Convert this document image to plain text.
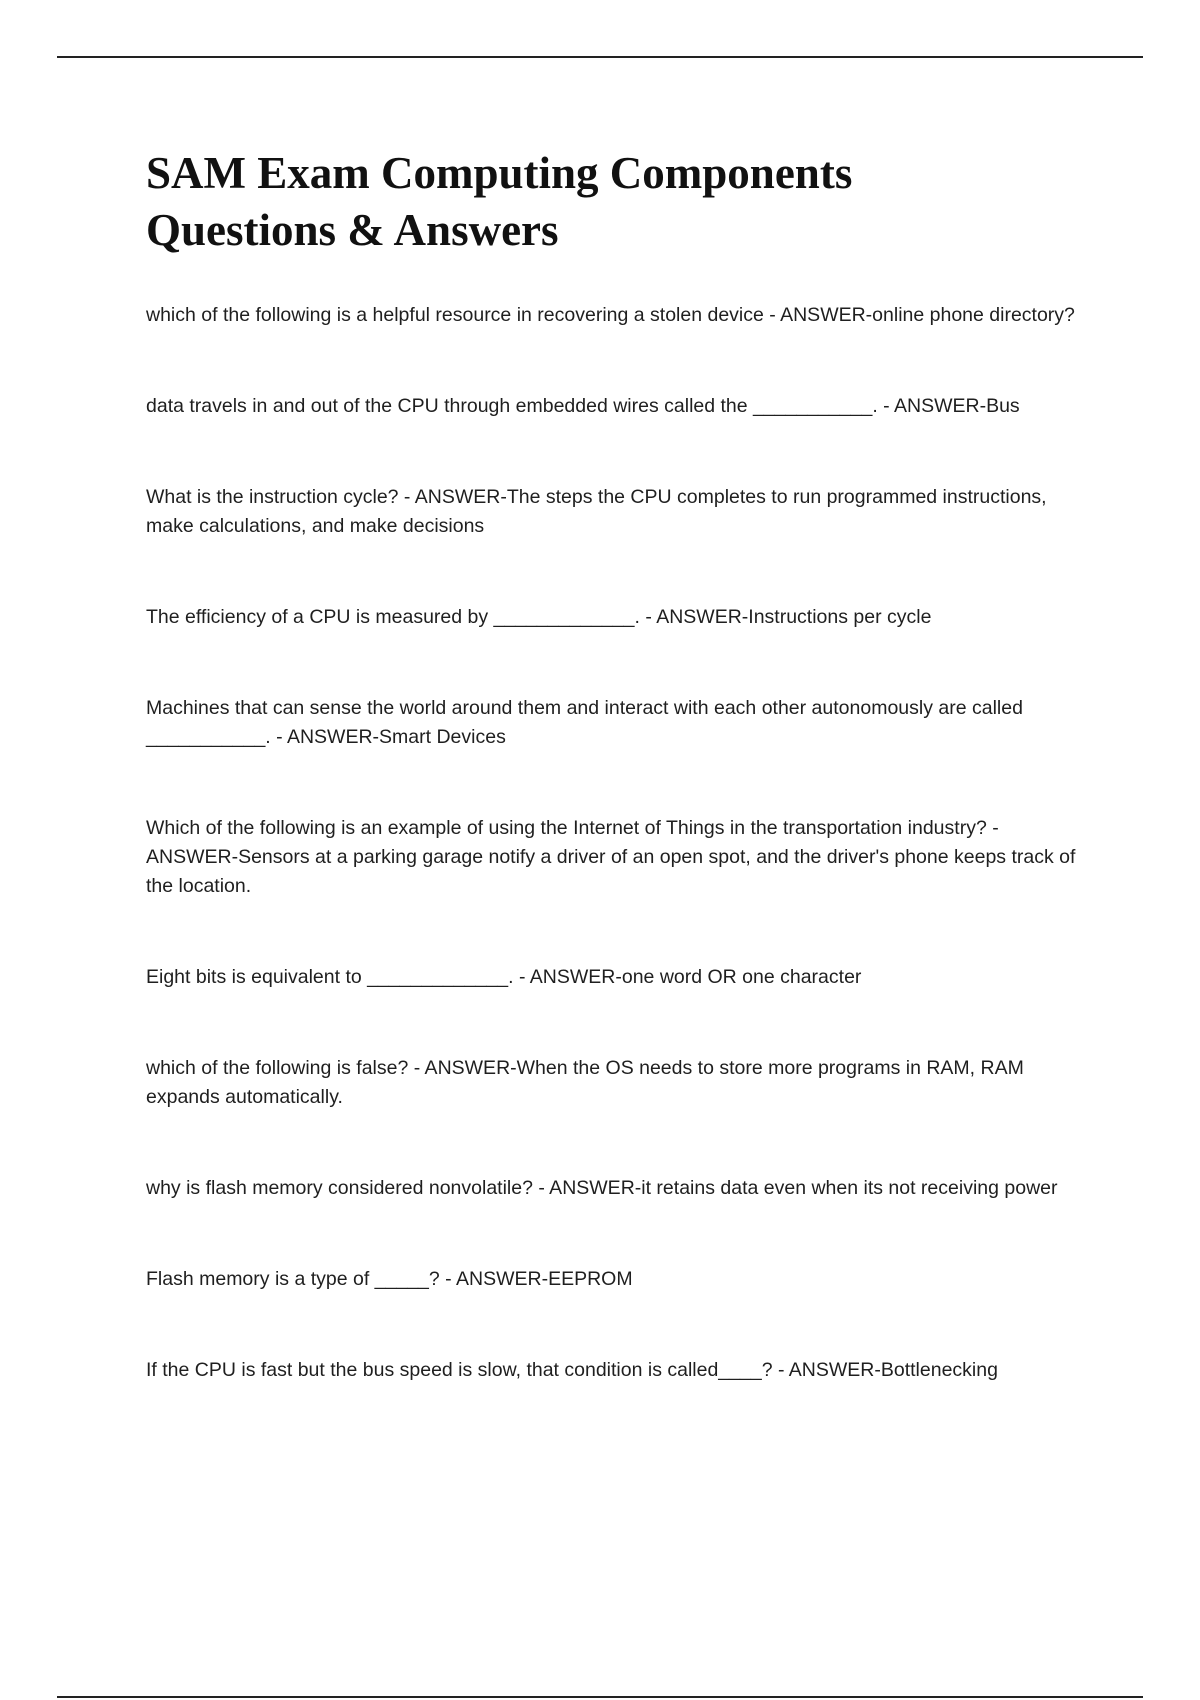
SAM Exam Computing Components
Questions & Answers

which of the following is a helpful resource in recovering a stolen device - ANSWER-online phone directory?

data travels in and out of the CPU through embedded wires called the ___________. - ANSWER-Bus

What is the instruction cycle? - ANSWER-The steps the CPU completes to run programmed instructions, make calculations, and make decisions

The efficiency of a CPU is measured by _____________. - ANSWER-Instructions per cycle

Machines that can sense the world around them and interact with each other autonomously are called ___________. - ANSWER-Smart Devices

Which of the following is an example of using the Internet of Things in the transportation industry? - ANSWER-Sensors at a parking garage notify a driver of an open spot, and the driver's phone keeps track of the location.

Eight bits is equivalent to _____________. - ANSWER-one word OR one character

which of the following is false? - ANSWER-When the OS needs to store more programs in RAM, RAM expands automatically.

why is flash memory considered nonvolatile? - ANSWER-it retains data even when its not receiving power

Flash memory is a type of _____? - ANSWER-EEPROM

If the CPU is fast but the bus speed is slow, that condition is called____? - ANSWER-Bottlenecking
